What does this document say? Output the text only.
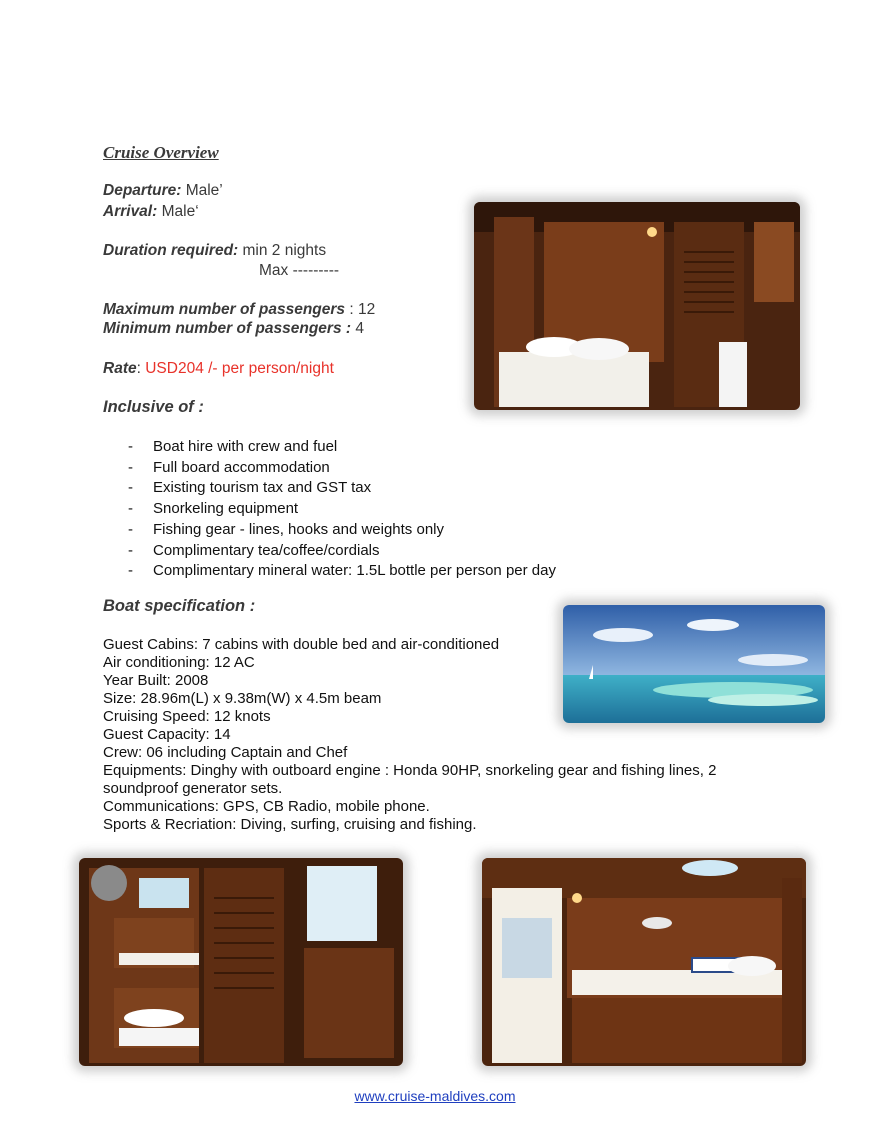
Cruise Overview
Departure: Male’
Arrival: Male‘
Duration required: min 2 nights
Max ---------
Maximum number of passengers : 12
Minimum number of passengers : 4
Rate: USD204 /- per person/night
Inclusive of :
- Boat hire with crew and fuel
- Full board accommodation
- Existing tourism tax and GST tax
- Snorkeling equipment
- Fishing gear - lines, hooks and weights only
- Complimentary tea/coffee/cordials
- Complimentary mineral water: 1.5L bottle per person per day
Boat specification :
Guest Cabins: 7 cabins with double bed and air-conditioned
Air conditioning: 12 AC
Year Built: 2008
Size: 28.96m(L) x 9.38m(W) x 4.5m beam
Cruising Speed: 12 knots
Guest Capacity: 14
Crew: 06 including Captain and Chef
Equipments: Dinghy with outboard engine : Honda 90HP, snorkeling gear and fishing lines, 2 soundproof generator sets.
Communications: GPS, CB Radio, mobile phone.
Sports & Recriation: Diving, surfing, cruising and fishing.
www.cruise-maldives.com
